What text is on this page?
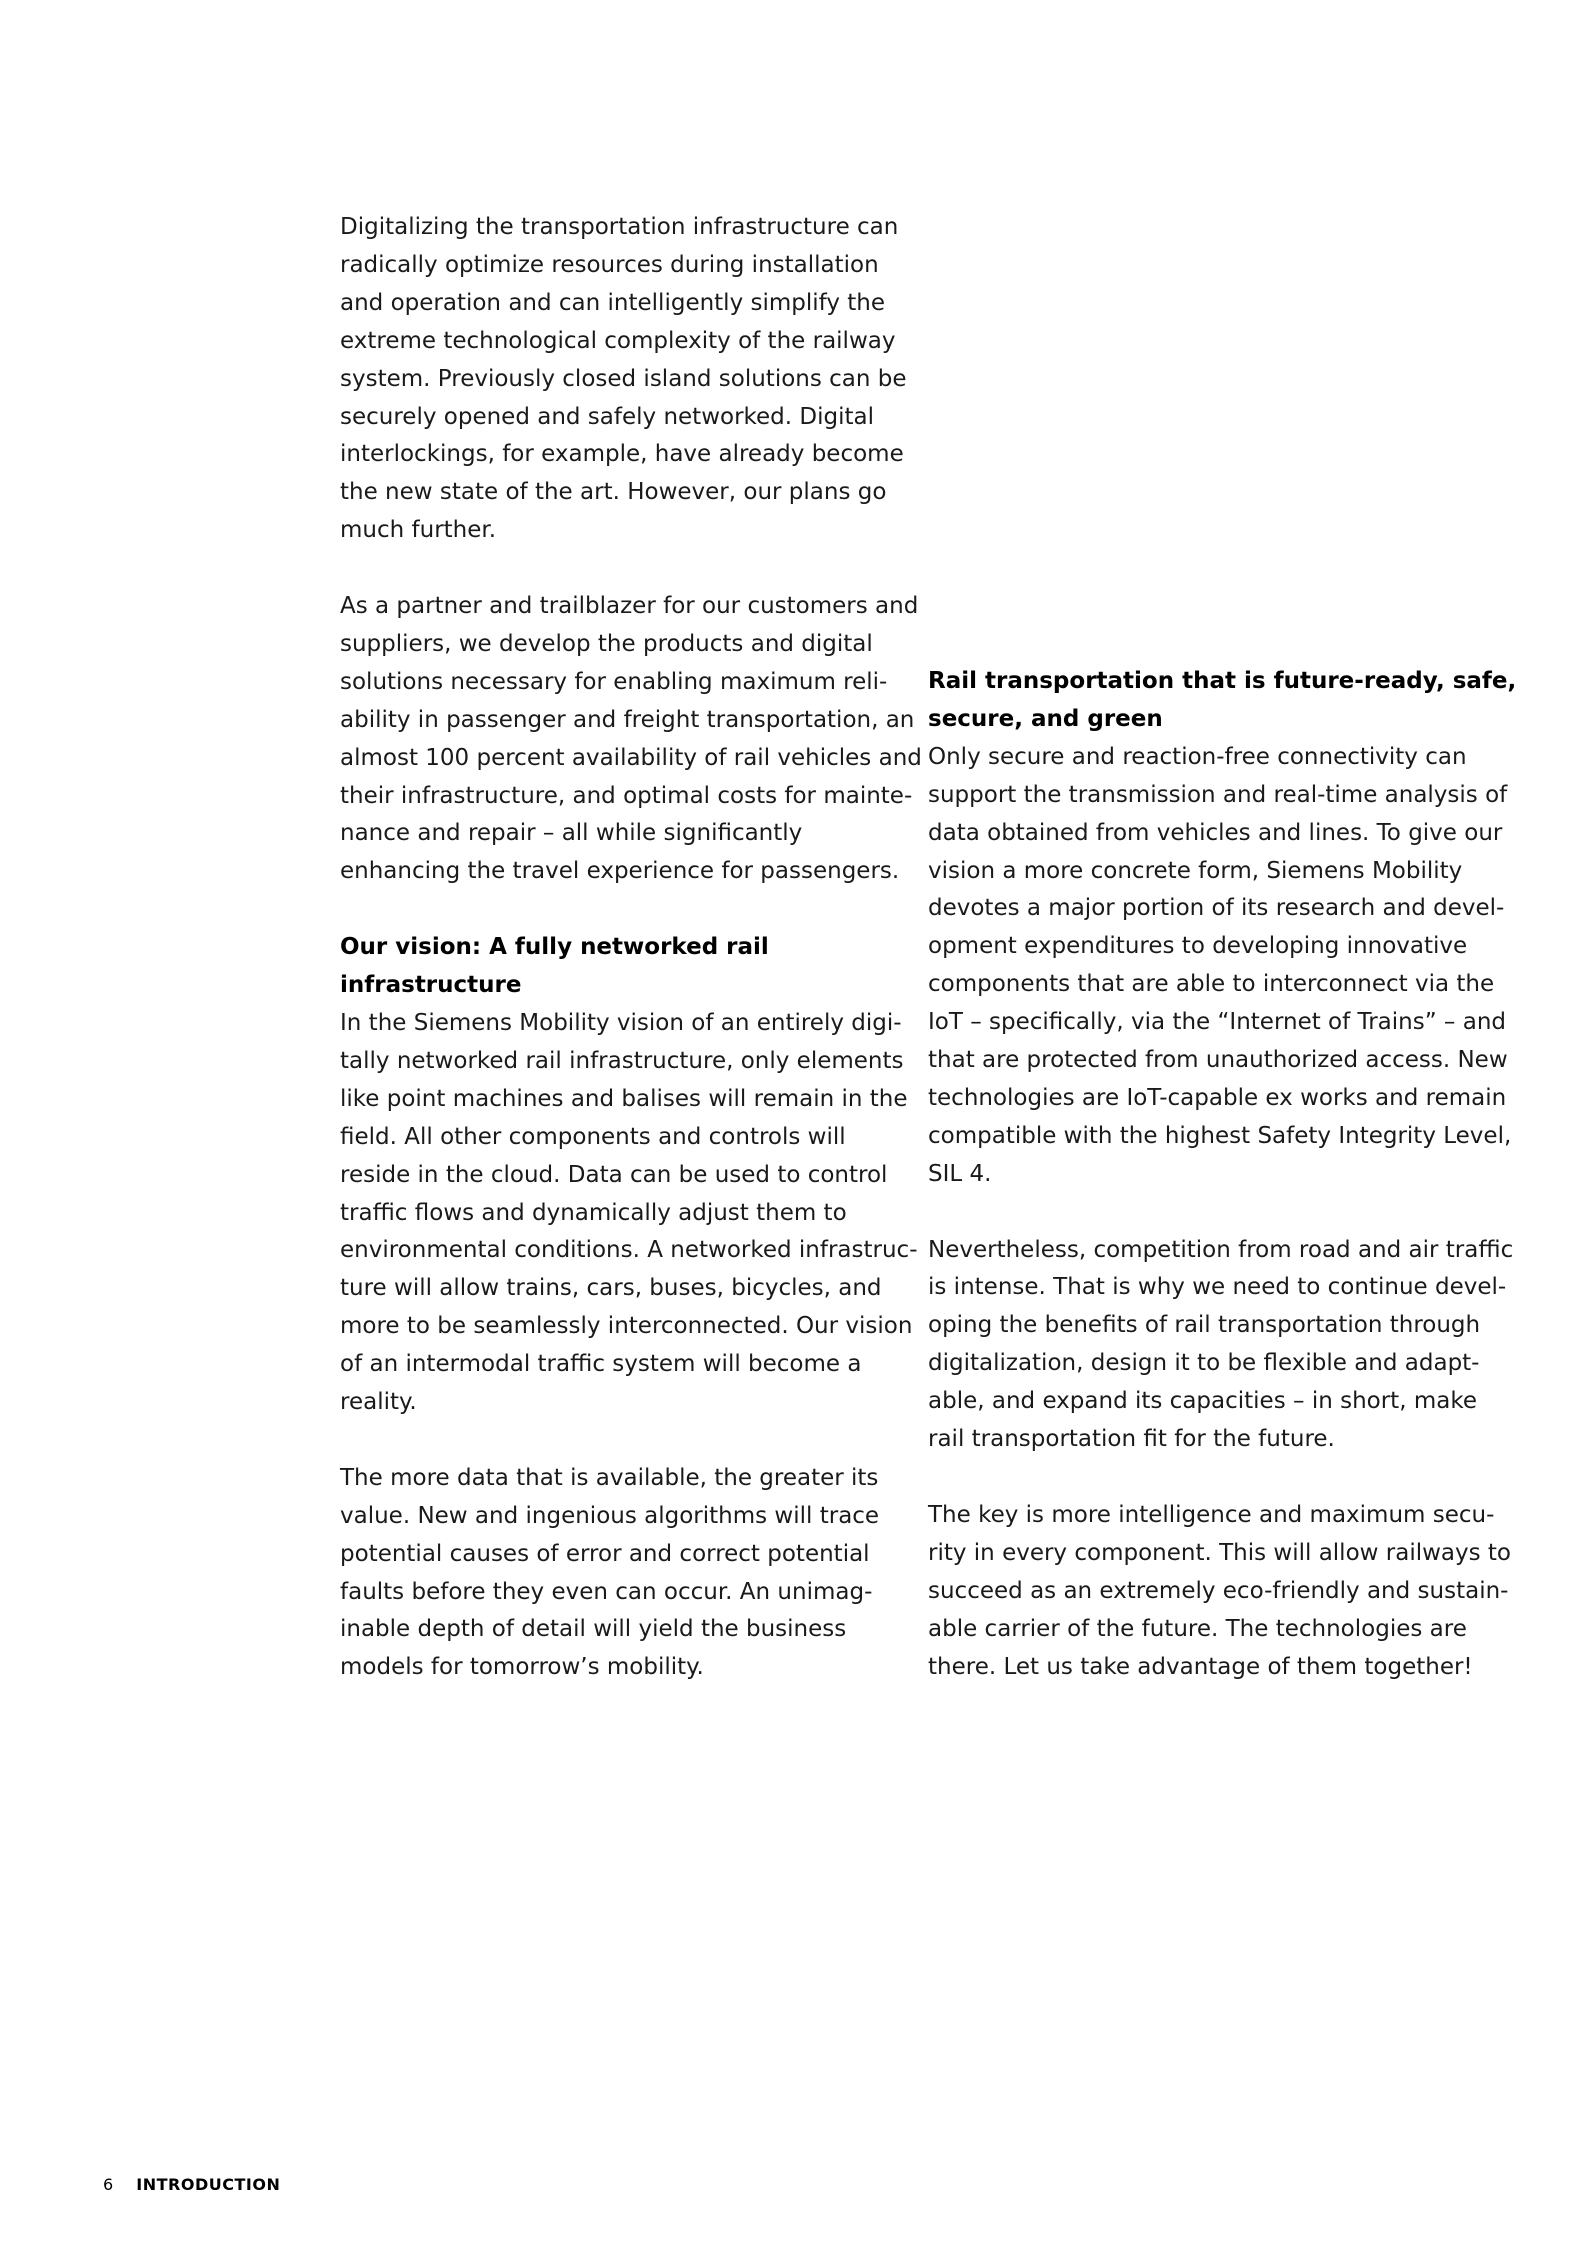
Digitalizing the transportation infrastructure can
radically optimize resources during installation
and operation and can intelligently simplify the
extreme technological complexity of the railway
system. Previously closed island solutions can be
securely opened and safely networked. Digital
interlockings, for example, have already become
the new state of the art. However, our plans go
much further.

As a partner and trailblazer for our customers and
suppliers, we develop the products and digital
solutions necessary for enabling maximum reli-
ability in passenger and freight transportation, an
almost 100 percent availability of rail vehicles and
their infrastructure, and optimal costs for mainte-
nance and repair – all while significantly
enhancing the travel experience for passengers.

Our vision: A fully networked rail
infrastructure

In the Siemens Mobility vision of an entirely digi-
tally networked rail infrastructure, only elements
like point machines and balises will remain in the
field. All other components and controls will
reside in the cloud. Data can be used to control
traffic flows and dynamically adjust them to
environmental conditions. A networked infrastruc-
ture will allow trains, cars, buses, bicycles, and
more to be seamlessly interconnected. Our vision
of an intermodal traffic system will become a
reality.

The more data that is available, the greater its
value. New and ingenious algorithms will trace
potential causes of error and correct potential
faults before they even can occur. An unimag-
inable depth of detail will yield the business
models for tomorrow’s mobility.

Rail transportation that is future-ready, safe,
secure, and green

Only secure and reaction-free connectivity can
support the transmission and real-time analysis of
data obtained from vehicles and lines. To give our
vision a more concrete form, Siemens Mobility
devotes a major portion of its research and devel-
opment expenditures to developing innovative
components that are able to interconnect via the
IoT – specifically, via the “Internet of Trains” – and
that are protected from unauthorized access. New
technologies are IoT-capable ex works and remain
compatible with the highest Safety Integrity Level,
SIL 4.

Nevertheless, competition from road and air traffic
is intense. That is why we need to continue devel-
oping the benefits of rail transportation through
digitalization, design it to be flexible and adapt-
able, and expand its capacities – in short, make
rail transportation fit for the future.

The key is more intelligence and maximum secu-
rity in every component. This will allow railways to
succeed as an extremely eco-friendly and sustain-
able carrier of the future. The technologies are
there. Let us take advantage of them together!

6 INTRODUCTION
